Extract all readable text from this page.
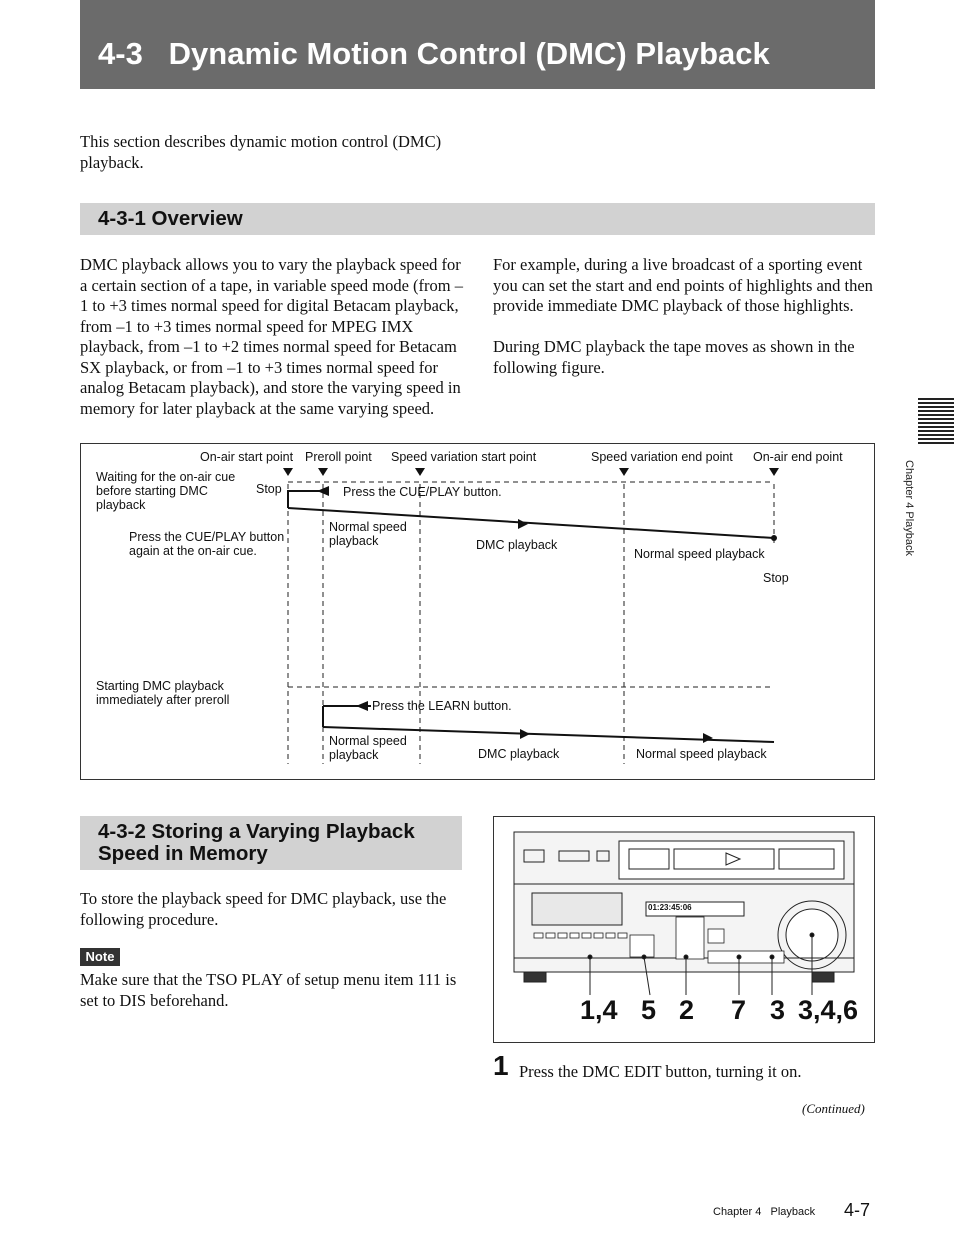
4-3   Dynamic Motion Control (DMC) Playback
This section describes dynamic motion control (DMC) playback.
4-3-1 Overview
DMC playback allows you to vary the playback speed for a certain section of a tape, in variable speed mode (from –1 to +3 times normal speed for digital Betacam playback, from –1 to +3 times normal speed for MPEG IMX playback, from –1 to +2 times normal speed for Betacam SX playback, or from –1 to +3 times normal speed for analog Betacam playback), and store the varying speed in memory for later playback at the same varying speed.
For example, during a live broadcast of a sporting event you can set the start and end points of highlights and then provide immediate DMC playback of those highlights.
During DMC playback the tape moves as shown in the following figure.
On-air start point Preroll point Speed variation start point	Speed variation end point On-air end point
Waiting for the on-air cue before starting DMC playback
Stop	Press the CUE/PLAY button.
Press the CUE/PLAY button again at the on-air cue.
Normal speed playback	DMC playback
Normal speed playback
Stop
Starting DMC playback immediately after preroll	Press the LEARN button.
Normal speed playback	DMC playback	Normal speed playback
4-3-2 Storing a Varying Playback Speed in Memory
To store the playback speed for DMC playback, use the following procedure.
Note
Make sure that the TSO PLAY of setup menu item 111 is set to DIS beforehand.
01:23:45:06
1,4 5 2 7 3 3,4,6
1 Press the DMC EDIT button, turning it on.
(Continued)
Chapter 4 Playback
Chapter 4   Playback 4-7
